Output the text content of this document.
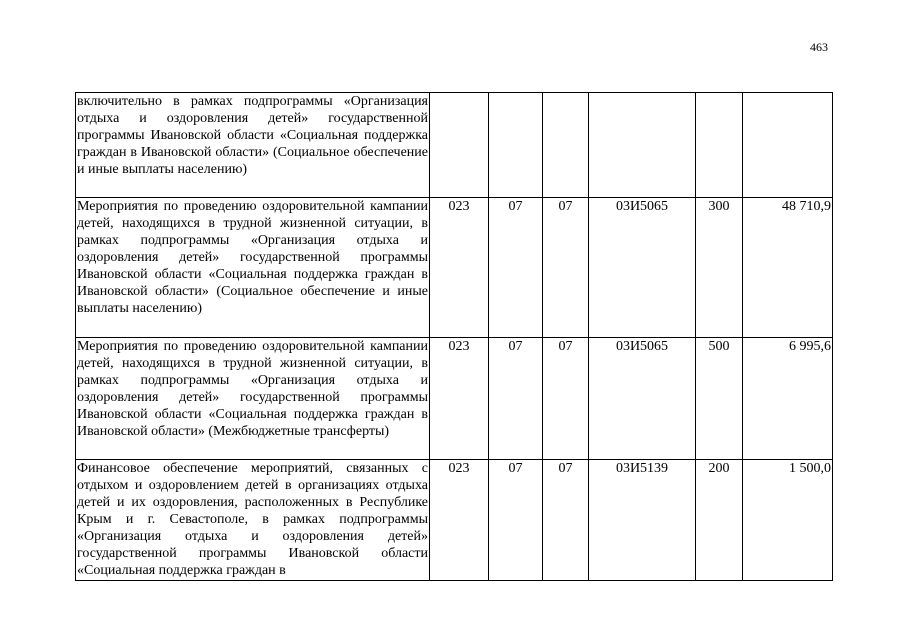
463
включительно в рамках подпрограммы «Организация отдыха и оздоровления детей» государственной программы Ивановской области «Социальная поддержка граждан в Ивановской области» (Социальное обеспечение и иные выплаты населению)						
Мероприятия по проведению оздоровительной кампании детей, находящихся в трудной жизненной ситуации, в рамках подпрограммы «Организация отдыха и оздоровления детей» государственной программы Ивановской области «Социальная поддержка граждан в Ивановской области» (Социальное обеспечение и иные выплаты населению)	023	07	07	03И5065	300	48 710,9
Мероприятия по проведению оздоровительной кампании детей, находящихся в трудной жизненной ситуации, в рамках подпрограммы «Организация отдыха и оздоровления детей» государственной программы Ивановской области «Социальная поддержка граждан в Ивановской области» (Межбюджетные трансферты)	023	07	07	03И5065	500	6 995,6
Финансовое обеспечение мероприятий, связанных с отдыхом и оздоровлением детей в организациях отдыха детей и их оздоровления, расположенных в Республике Крым и г. Севастополе, в рамках подпрограммы «Организация отдыха и оздоровления детей» государственной программы Ивановской области «Социальная поддержка граждан в	023	07	07	03И5139	200	1 500,0
